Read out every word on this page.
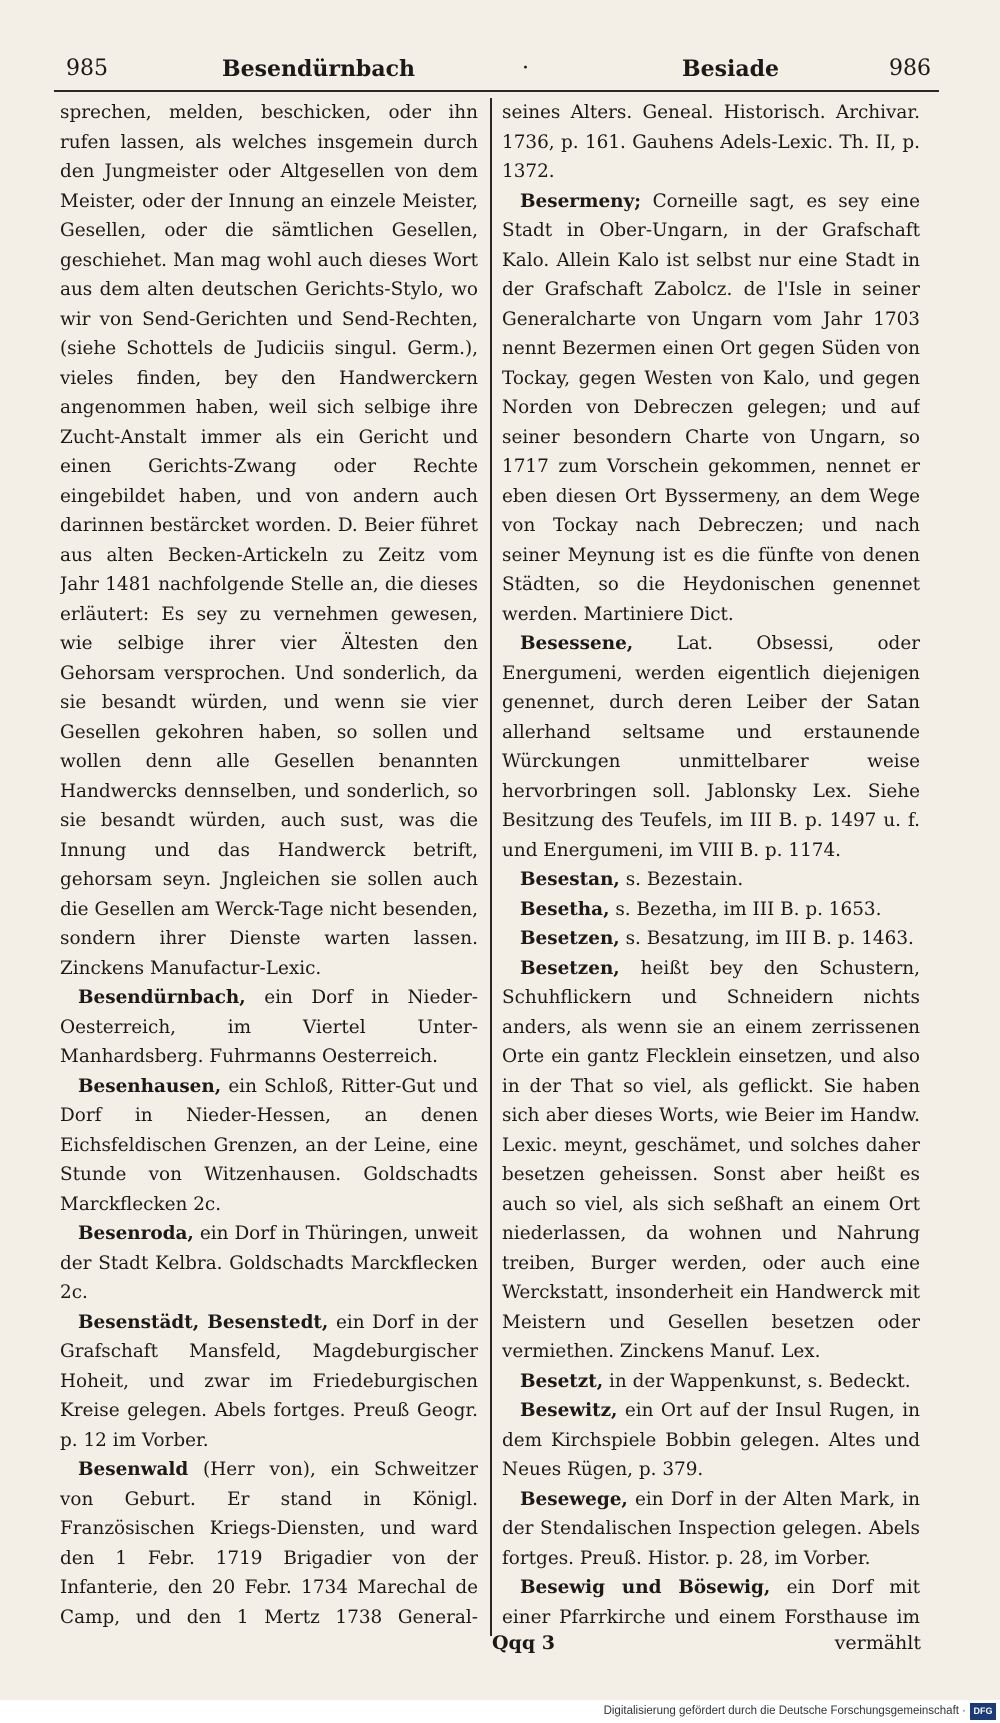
985	Besendürnbach	·	Besiade	986

sprechen, melden, beschicken, oder ihn rufen lassen, als welches insgemein durch den Jungmeister oder Altgesellen von dem Meister, oder der Innung an einzele Meister, Gesellen, oder die sämtlichen Gesellen, geschiehet. Man mag wohl auch dieses Wort aus dem alten deutschen Gerichts-Stylo, wo wir von Send-Gerichten und Send-Rechten, (siehe Schottels de Judiciis singul. Germ.), vieles finden, bey den Handwerckern angenommen haben, weil sich selbige ihre Zucht-Anstalt immer als ein Gericht und einen Gerichts-Zwang oder Rechte eingebildet haben, und von andern auch darinnen bestärcket worden. D. Beier führet aus alten Becken-Artickeln zu Zeitz vom Jahr 1481 nachfolgende Stelle an, die dieses erläutert: Es sey zu vernehmen gewesen, wie selbige ihrer vier Ältesten den Gehorsam versprochen. Und sonderlich, da sie besandt würden, und wenn sie vier Gesellen gekohren haben, so sollen und wollen denn alle Gesellen benannten Handwercks dennselben, und sonderlich, so sie besandt würden, auch sust, was die Innung und das Handwerck betrift, gehorsam seyn. Jngleichen sie sollen auch die Gesellen am Werck-Tage nicht besenden, sondern ihrer Dienste warten lassen. Zinckens Manufactur-Lexic.

Besendürnbach, ein Dorf in Nieder-Oesterreich, im Viertel Unter-Manhardsberg. Fuhrmanns Oesterreich.

Besenhausen, ein Schloß, Ritter-Gut und Dorf in Nieder-Hessen, an denen Eichsfeldischen Grenzen, an der Leine, eine Stunde von Witzenhausen. Goldschadts Marckflecken 2c.

Besenroda, ein Dorf in Thüringen, unweit der Stadt Kelbra. Goldschadts Marckflecken 2c.

Besenstädt, Besenstedt, ein Dorf in der Grafschaft Mansfeld, Magdeburgischer Hoheit, und zwar im Friedeburgischen Kreise gelegen. Abels fortges. Preuß Geogr. p. 12 im Vorber.

Besenwald (Herr von), ein Schweitzer von Geburt. Er stand in Königl. Französischen Kriegs-Diensten, und ward den 1 Febr. 1719 Brigadier von der Infanterie, den 20 Febr. 1734 Marechal de Camp, und den 1 Mertz 1738 General-

seines Alters. Geneal. Historisch. Archivar. 1736, p. 161. Gauhens Adels-Lexic. Th. II, p. 1372.

Besermeny; Corneille sagt, es sey eine Stadt in Ober-Ungarn, in der Grafschaft Kalo. Allein Kalo ist selbst nur eine Stadt in der Grafschaft Zabolcz. de l'Isle in seiner Generalcharte von Ungarn vom Jahr 1703 nennt Bezermen einen Ort gegen Süden von Tockay, gegen Westen von Kalo, und gegen Norden von Debreczen gelegen; und auf seiner besondern Charte von Ungarn, so 1717 zum Vorschein gekommen, nennet er eben diesen Ort Byssermeny, an dem Wege von Tockay nach Debreczen; und nach seiner Meynung ist es die fünfte von denen Städten, so die Heydonischen genennet werden. Martiniere Dict.

Besessene, Lat. Obsessi, oder Energumeni, werden eigentlich diejenigen genennet, durch deren Leiber der Satan allerhand seltsame und erstaunende Würckungen unmittelbarer weise hervorbringen soll. Jablonsky Lex. Siehe Besitzung des Teufels, im III B. p. 1497 u. f. und Energumeni, im VIII B. p. 1174.

Besestan, s. Bezestain.

Besetha, s. Bezetha, im III B. p. 1653.

Besetzen, s. Besatzung, im III B. p. 1463.

Besetzen, heißt bey den Schustern, Schuhflickern und Schneidern nichts anders, als wenn sie an einem zerrissenen Orte ein gantz Flecklein einsetzen, und also in der That so viel, als geflickt. Sie haben sich aber dieses Worts, wie Beier im Handw. Lexic. meynt, geschämet, und solches daher besetzen geheissen. Sonst aber heißt es auch so viel, als sich seßhaft an einem Ort niederlassen, da wohnen und Nahrung treiben, Burger werden, oder auch eine Werckstatt, insonderheit ein Handwerck mit Meistern und Gesellen besetzen oder vermiethen. Zinckens Manuf. Lex.

Besetzt, in der Wappenkunst, s. Bedeckt.

Besewitz, ein Ort auf der Insul Rugen, in dem Kirchspiele Bobbin gelegen. Altes und Neues Rügen, p. 379.

Besewege, ein Dorf in der Alten Mark, in der Stendalischen Inspection gelegen. Abels fortges. Preuß. Histor. p. 28, im Vorber.

Besewig und Bösewig, ein Dorf mit einer Pfarrkirche und einem Forsthause im

Qqq 3	vermählt
Digitalisierung gefördert durch die Deutsche Forschungsgemeinschaft · DFG
